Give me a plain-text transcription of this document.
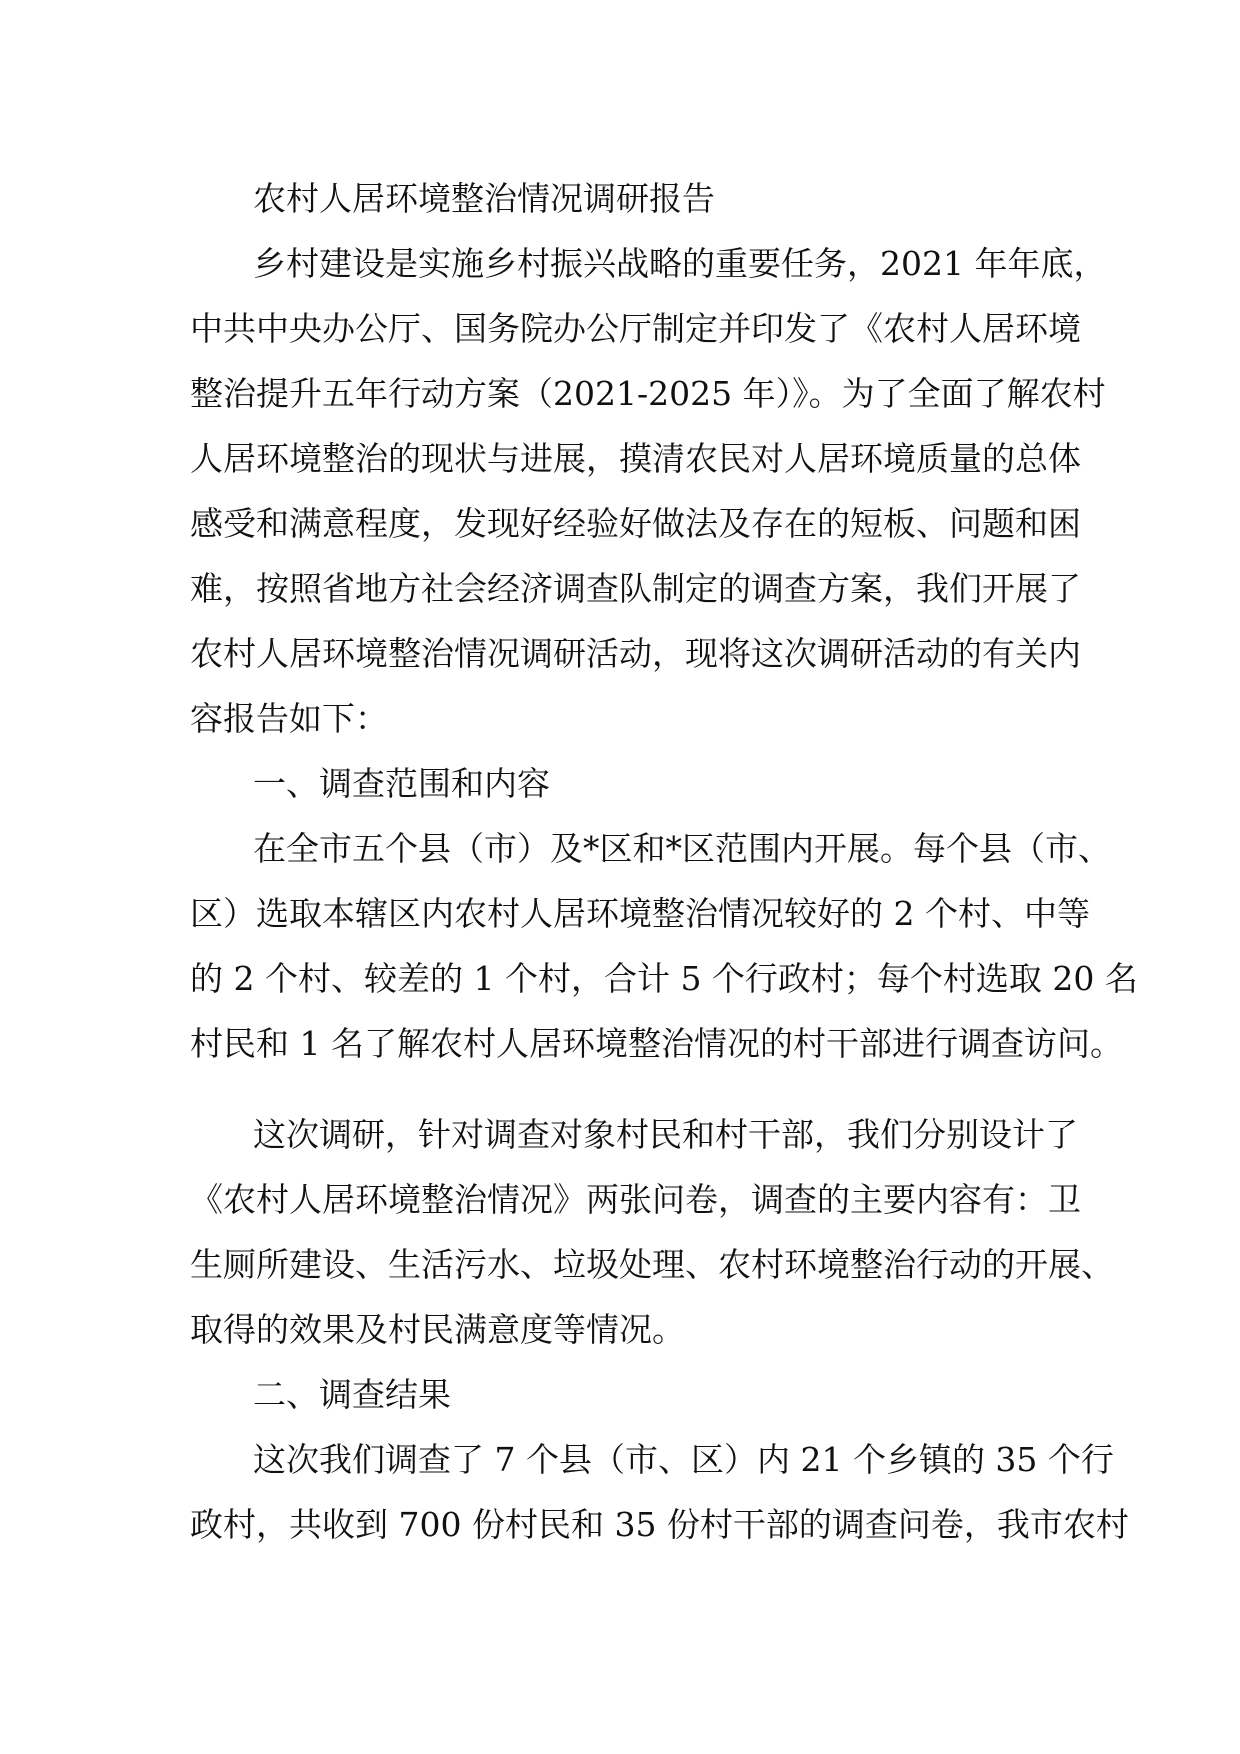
农村人居环境整治情况调研报告
乡村建设是实施乡村振兴战略的重要任务，2021 年年底，
中共中央办公厅、国务院办公厅制定并印发了《农村人居环境
整治提升五年行动方案（2021-2025 年）》。为了全面了解农村
人居环境整治的现状与进展，摸清农民对人居环境质量的总体
感受和满意程度，发现好经验好做法及存在的短板、问题和困
难，按照省地方社会经济调查队制定的调查方案，我们开展了
农村人居环境整治情况调研活动，现将这次调研活动的有关内
容报告如下：
一、调查范围和内容
在全市五个县（市）及*区和*区范围内开展。每个县（市、
区）选取本辖区内农村人居环境整治情况较好的 2 个村、中等
的 2 个村、较差的 1 个村，合计 5 个行政村；每个村选取 20 名
村民和 1 名了解农村人居环境整治情况的村干部进行调查访问。
这次调研，针对调查对象村民和村干部，我们分别设计了
《农村人居环境整治情况》两张问卷，调查的主要内容有：卫
生厕所建设、生活污水、垃圾处理、农村环境整治行动的开展、
取得的效果及村民满意度等情况。
二、调查结果
这次我们调查了 7 个县（市、区）内 21 个乡镇的 35 个行
政村，共收到 700 份村民和 35 份村干部的调查问卷，我市农村
